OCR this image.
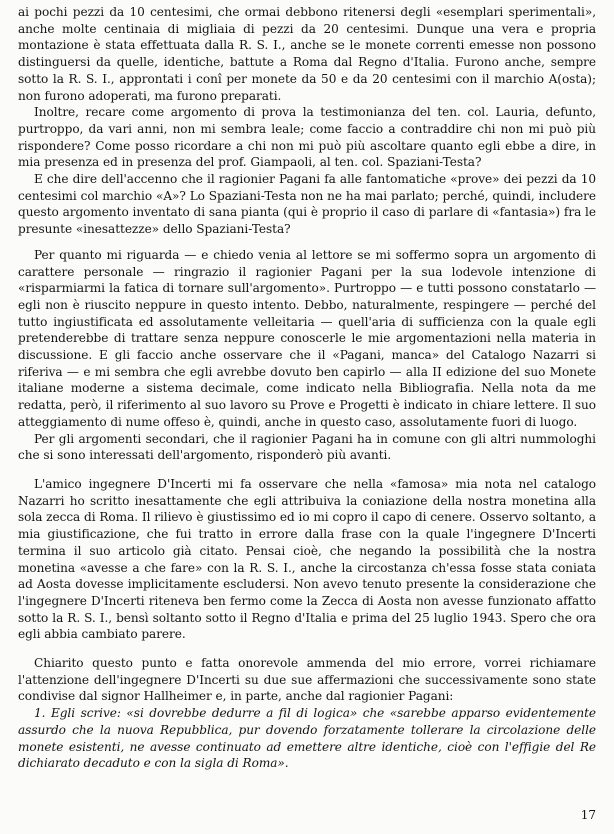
ai pochi pezzi da 10 centesimi, che ormai debbono ritenersi degli «esemplari sperimentali», anche molte centinaia di migliaia di pezzi da 20 centesimi. Dunque una vera e propria montazione è stata effettuata dalla R. S. I., anche se le monete correnti emesse non possono distinguersi da quelle, identiche, battute a Roma dal Regno d'Italia. Furono anche, sempre sotto la R. S. I., approntati i conî per monete da 50 e da 20 centesimi con il marchio A(osta); non furono adoperati, ma furono preparati.

Inoltre, recare come argomento di prova la testimonianza del ten. col. Lauria, defunto, purtroppo, da vari anni, non mi sembra leale; come faccio a contraddire chi non mi può più rispondere? Come posso ricordare a chi non mi può più ascoltare quanto egli ebbe a dire, in mia presenza ed in presenza del prof. Giampaoli, al ten. col. Spaziani-Testa?

E che dire dell'accenno che il ragionier Pagani fa alle fantomatiche «prove» dei pezzi da 10 centesimi col marchio «A»? Lo Spaziani-Testa non ne ha mai parlato; perché, quindi, includere questo argomento inventato di sana pianta (qui è proprio il caso di parlare di «fantasia») fra le presunte «inesattezze» dello Spaziani-Testa?

Per quanto mi riguarda — e chiedo venia al lettore se mi soffermo sopra un argomento di carattere personale — ringrazio il ragionier Pagani per la sua lodevole intenzione di «risparmiarmi la fatica di tornare sull'argomento». Purtroppo — e tutti possono constatarlo — egli non è riuscito neppure in questo intento. Debbo, naturalmente, respingere — perché del tutto ingiustificata ed assolutamente velleitaria — quell'aria di sufficienza con la quale egli pretenderebbe di trattare senza neppure conoscerle le mie argomentazioni nella materia in discussione. E gli faccio anche osservare che il «Pagani, manca» del Catalogo Nazarri si riferiva — e mi sembra che egli avrebbe dovuto ben capirlo — alla II edizione del suo Monete italiane moderne a sistema decimale, come indicato nella Bibliografia. Nella nota da me redatta, però, il riferimento al suo lavoro su Prove e Progetti è indicato in chiare lettere. Il suo atteggiamento di nume offeso è, quindi, anche in questo caso, assolutamente fuori di luogo.

Per gli argomenti secondari, che il ragionier Pagani ha in comune con gli altri nummologhi che si sono interessati dell'argomento, risponderò più avanti.

L'amico ingegnere D'Incerti mi fa osservare che nella «famosa» mia nota nel catalogo Nazarri ho scritto inesattamente che egli attribuiva la coniazione della nostra monetina alla sola zecca di Roma. Il rilievo è giustissimo ed io mi copro il capo di cenere. Osservo soltanto, a mia giustificazione, che fui tratto in errore dalla frase con la quale l'ingegnere D'Incerti termina il suo articolo già citato. Pensai cioè, che negando la possibilità che la nostra monetina «avesse a che fare» con la R. S. I., anche la circostanza ch'essa fosse stata coniata ad Aosta dovesse implicitamente escludersi. Non avevo tenuto presente la considerazione che l'ingegnere D'Incerti riteneva ben fermo come la Zecca di Aosta non avesse funzionato affatto sotto la R. S. I., bensì soltanto sotto il Regno d'Italia e prima del 25 luglio 1943. Spero che ora egli abbia cambiato parere.

Chiarito questo punto e fatta onorevole ammenda del mio errore, vorrei richiamare l'attenzione dell'ingegnere D'Incerti su due sue affermazioni che successivamente sono state condivise dal signor Hallheimer e, in parte, anche dal ragionier Pagani:

1. Egli scrive: «si dovrebbe dedurre a fil di logica» che «sarebbe apparso evidentemente assurdo che la nuova Repubblica, pur dovendo forzatamente tollerare la circolazione delle monete esistenti, ne avesse continuato ad emettere altre identiche, cioè con l'effigie del Re dichiarato decaduto e con la sigla di Roma».

17
